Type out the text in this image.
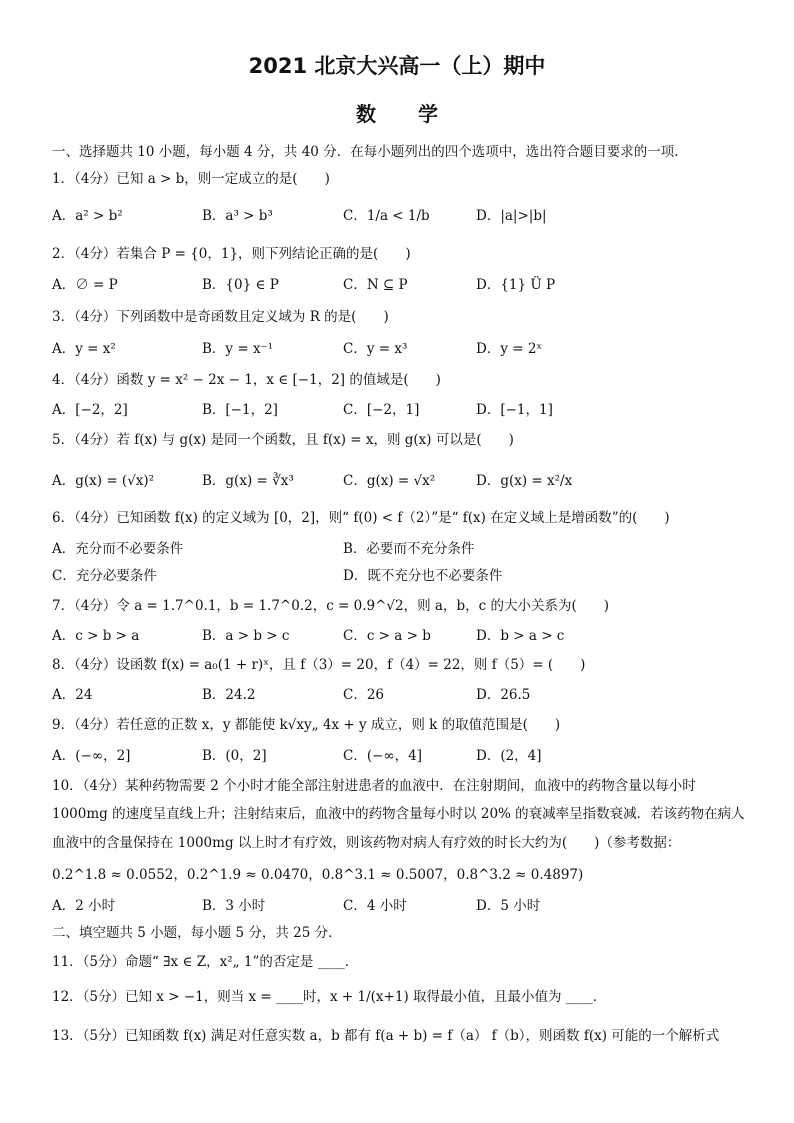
2021 北京大兴高一（上）期中
数学
一、选择题共 10 小题，每小题 4 分，共 40 分．在每小题列出的四个选项中，选出符合题目要求的一项．
1．（4分）已知 a > b，则一定成立的是(　　)
A．a² > b²	B．a³ > b³	C．1/a < 1/b	D．|a|>|b|
2．（4分）若集合 P = {0，1}，则下列结论正确的是(　　)
A．∅ = P	B．{0} ∈ P	C．N ⊆ P	D．{1} Ü P
3．（4分）下列函数中是奇函数且定义域为 R 的是(　　)
A．y = x²	B．y = x⁻¹	C．y = x³	D．y = 2ˣ
4．（4分）函数 y = x² − 2x − 1，x ∈ [−1，2] 的值域是(　　)
A．[−2，2]	B．[−1，2]	C．[−2，1]	D．[−1，1]
5．（4分）若 f(x) 与 g(x) 是同一个函数，且 f(x) = x，则 g(x) 可以是(　　)
A．g(x) = (√x)²	B．g(x) = ∛x³	C．g(x) = √x²	D．g(x) = x²/x
6．（4分）已知函数 f(x) 的定义域为 [0，2]，则“ f(0) < f（2）”是“ f(x) 在定义域上是增函数”的(　　)
A．充分而不必要条件	B．必要而不充分条件
C．充分必要条件	D．既不充分也不必要条件
7．（4分）令 a = 1.7^0.1，b = 1.7^0.2，c = 0.9^√2，则 a，b，c 的大小关系为(　　)
A．c > b > a	B．a > b > c	C．c > a > b	D．b > a > c
8．（4分）设函数 f(x) = a₀(1 + r)ˣ，且 f（3）= 20，f（4）= 22，则 f（5）= (　　)
A．24	B．24.2	C．26	D．26.5
9．（4分）若任意的正数 x，y 都能使 k√xy„ 4x + y 成立，则 k 的取值范围是(　　)
A．(−∞，2]	B．(0，2]	C．(−∞，4]	D．(2，4]
10．（4分）某种药物需要 2 个小时才能全部注射进患者的血液中．在注射期间，血液中的药物含量以每小时
1000mg 的速度呈直线上升；注射结束后，血液中的药物含量每小时以 20% 的衰减率呈指数衰减．若该药物在病人
血液中的含量保持在 1000mg 以上时才有疗效，则该药物对病人有疗效的时长大约为(　　)（参考数据：
0.2^1.8 ≈ 0.0552，0.2^1.9 ≈ 0.0470，0.8^3.1 ≈ 0.5007，0.8^3.2 ≈ 0.4897)
A．2 小时	B．3 小时	C．4 小时	D．5 小时
二、填空题共 5 小题，每小题 5 分，共 25 分．
11．（5分）命题“ ∃x ∈ Z，x²„ 1”的否定是 ____．
12．（5分）已知 x > −1，则当 x = ____时，x + 1/(x+1) 取得最小值，且最小值为 ____．
13．（5分）已知函数 f(x) 满足对任意实数 a，b 都有 f(a + b) = f（a） f（b），则函数 f(x) 可能的一个解析式
